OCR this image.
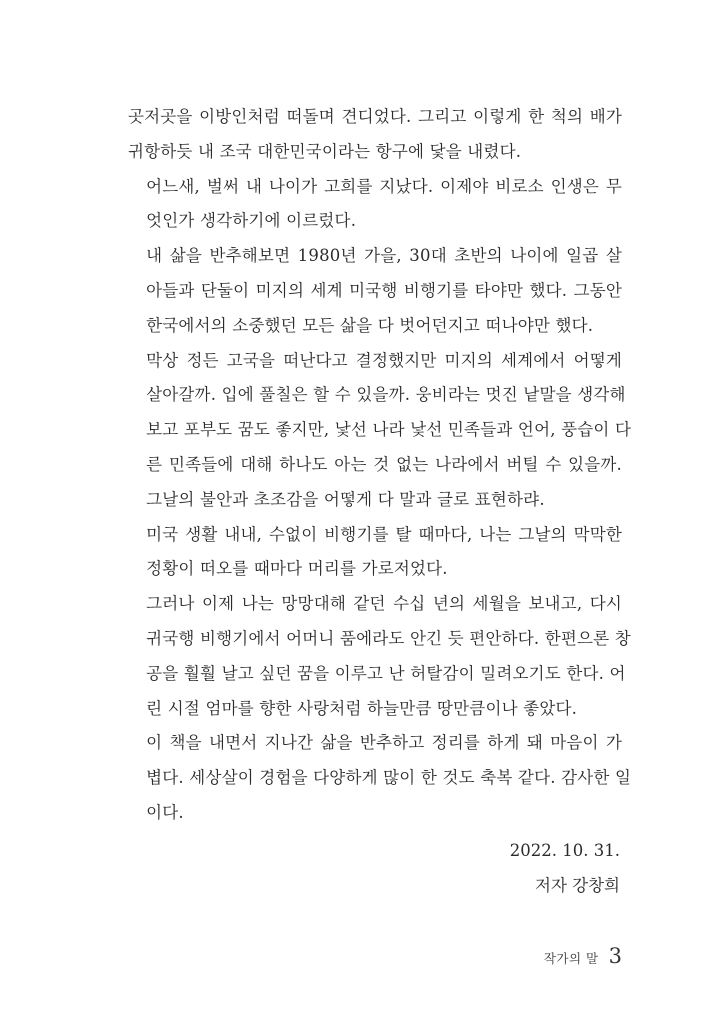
곳저곳을 이방인처럼 떠돌며 견디었다. 그리고 이렇게 한 척의 배가
귀항하듯 내 조국 대한민국이라는 항구에 닻을 내렸다.

어느새, 벌써 내 나이가 고희를 지났다. 이제야 비로소 인생은 무
엇인가 생각하기에 이르렀다.

내 삶을 반추해보면 1980년 가을, 30대 초반의 나이에 일곱 살
아들과 단둘이 미지의 세계 미국행 비행기를 타야만 했다. 그동안
한국에서의 소중했던 모든 삶을 다 벗어던지고 떠나야만 했다.

막상 정든 고국을 떠난다고 결정했지만 미지의 세계에서 어떻게
살아갈까. 입에 풀칠은 할 수 있을까. 웅비라는 멋진 낱말을 생각해
보고 포부도 꿈도 좋지만, 낯선 나라 낯선 민족들과 언어, 풍습이 다
른 민족들에 대해 하나도 아는 것 없는 나라에서 버틸 수 있을까.
그날의 불안과 초조감을 어떻게 다 말과 글로 표현하랴.

미국 생활 내내, 수없이 비행기를 탈 때마다, 나는 그날의 막막한
정황이 떠오를 때마다 머리를 가로저었다.

그러나 이제 나는 망망대해 같던 수십 년의 세월을 보내고, 다시
귀국행 비행기에서 어머니 품에라도 안긴 듯 편안하다. 한편으론 창
공을 훨훨 날고 싶던 꿈을 이루고 난 허탈감이 밀려오기도 한다. 어
린 시절 엄마를 향한 사랑처럼 하늘만큼 땅만큼이나 좋았다.

이 책을 내면서 지나간 삶을 반추하고 정리를 하게 돼 마음이 가
볍다. 세상살이 경험을 다양하게 많이 한 것도 축복 같다. 감사한 일
이다.

2022. 10. 31.
저자 강창희
작가의 말 3
